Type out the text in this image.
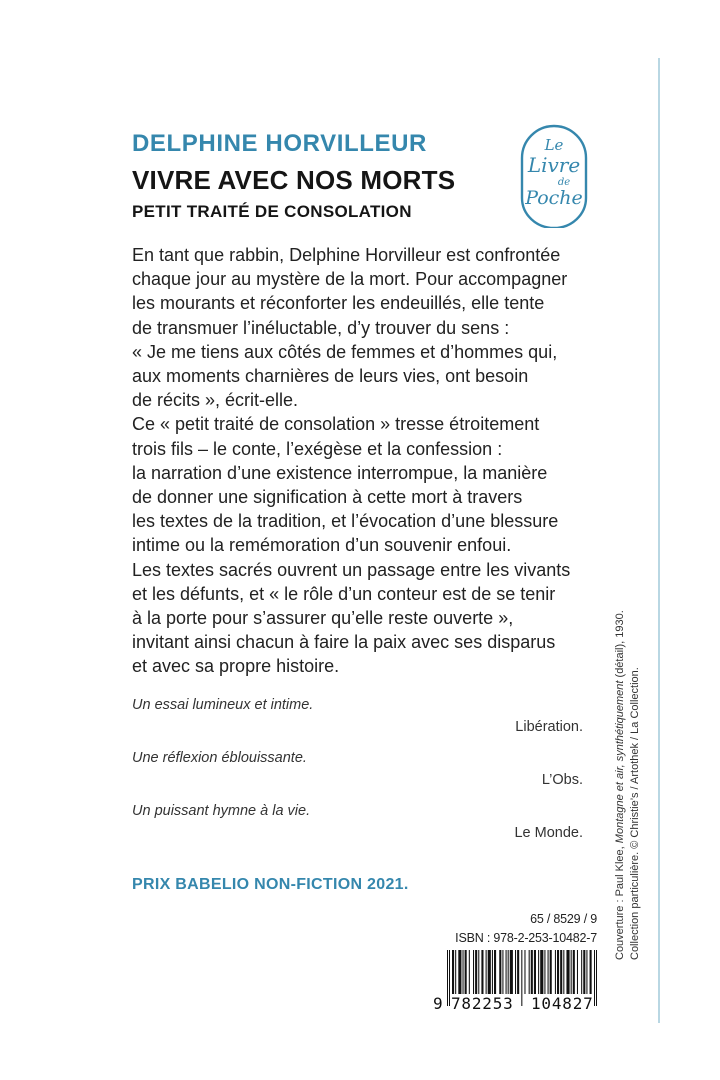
DELPHINE HORVILLEUR
VIVRE AVEC NOS MORTS
PETIT TRAITÉ DE CONSOLATION
Le
Livre
de
Poche
En tant que rabbin, Delphine Horvilleur est confrontée
chaque jour au mystère de la mort. Pour accompagner
les mourants et réconforter les endeuillés, elle tente
de transmuer l’inéluctable, d’y trouver du sens :
« Je me tiens aux côtés de femmes et d’hommes qui,
aux moments charnières de leurs vies, ont besoin
de récits », écrit-elle.
Ce « petit traité de consolation » tresse étroitement
trois fils – le conte, l’exégèse et la confession :
la narration d’une existence interrompue, la manière
de donner une signification à cette mort à travers
les textes de la tradition, et l’évocation d’une blessure
intime ou la remémoration d’un souvenir enfoui.
Les textes sacrés ouvrent un passage entre les vivants
et les défunts, et « le rôle d’un conteur est de se tenir
à la porte pour s’assurer qu’elle reste ouverte »,
invitant ainsi chacun à faire la paix avec ses disparus
et avec sa propre histoire.
Un essai lumineux et intime.
Libération.
Une réflexion éblouissante.
L’Obs.
Un puissant hymne à la vie.
Le Monde.
PRIX BABELIO NON-FICTION 2021.
65 / 8529 / 9
ISBN : 978-2-253-10482-7
9 782253 104827
Couverture : Paul Klee, Montagne et air, synthétiquement (détail), 1930.
Collection particulière. © Christie’s / Artothek / La Collection.
